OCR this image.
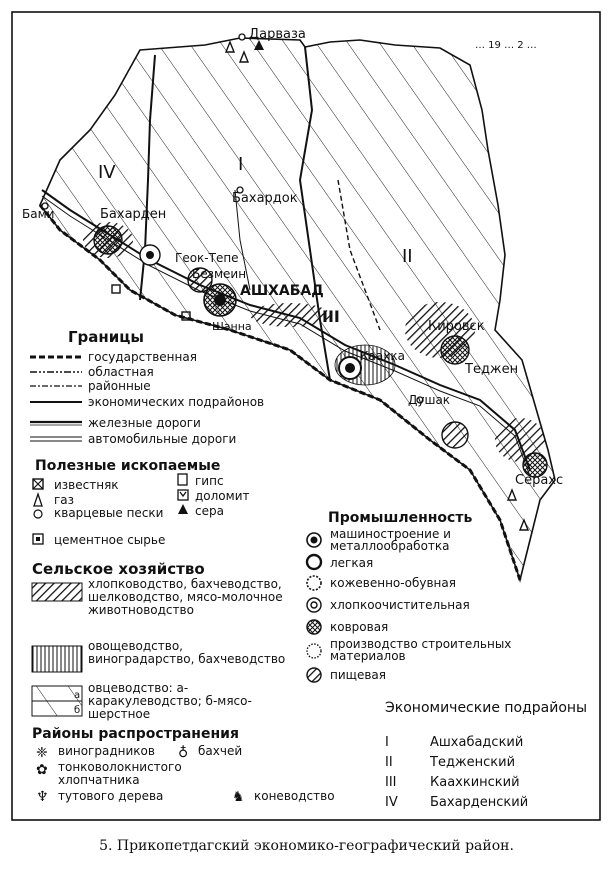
Дарваза
Бахардок
Бами	Бахарден
Геок-Тепе
Безмеин
АШХАБАД
Шанна	Кировск
Каахка
Теджен
Душак
Серахс
… 19 … 2 …
I
II
III
IV
Границы
государственная
областная
районные
экономических подрайонов
железные дороги
автомобильные дороги
Полезные ископаемые
известняк
газ
кварцевые пески
цементное сырье
гипс
доломит
сера
Сельское хозяйство
хлопководство, бахчеводство, шелководство, мясо-молочное животноводство
овощеводство, виноградарство, бахчеводство
а
б
овцеводство: а-каракулеводство; б-мясо-шерстное
Районы распространения
❈ виноградников ♁ бахчей
✿ тонковолокнистого хлопчатника
♆ тутового дерева	♞ коневодство
Промышленность
машиностроение и металлообработка
легкая
кожевенно-обувная
хлопкоочистительная
ковровая
производство строительных материалов
пищевая
Экономические подрайоны
I	Ашхабадский
II	Теджeнский
III	Каахкинский
IV Бахарденский
5. Прикопетдагский экономико-географический район.
